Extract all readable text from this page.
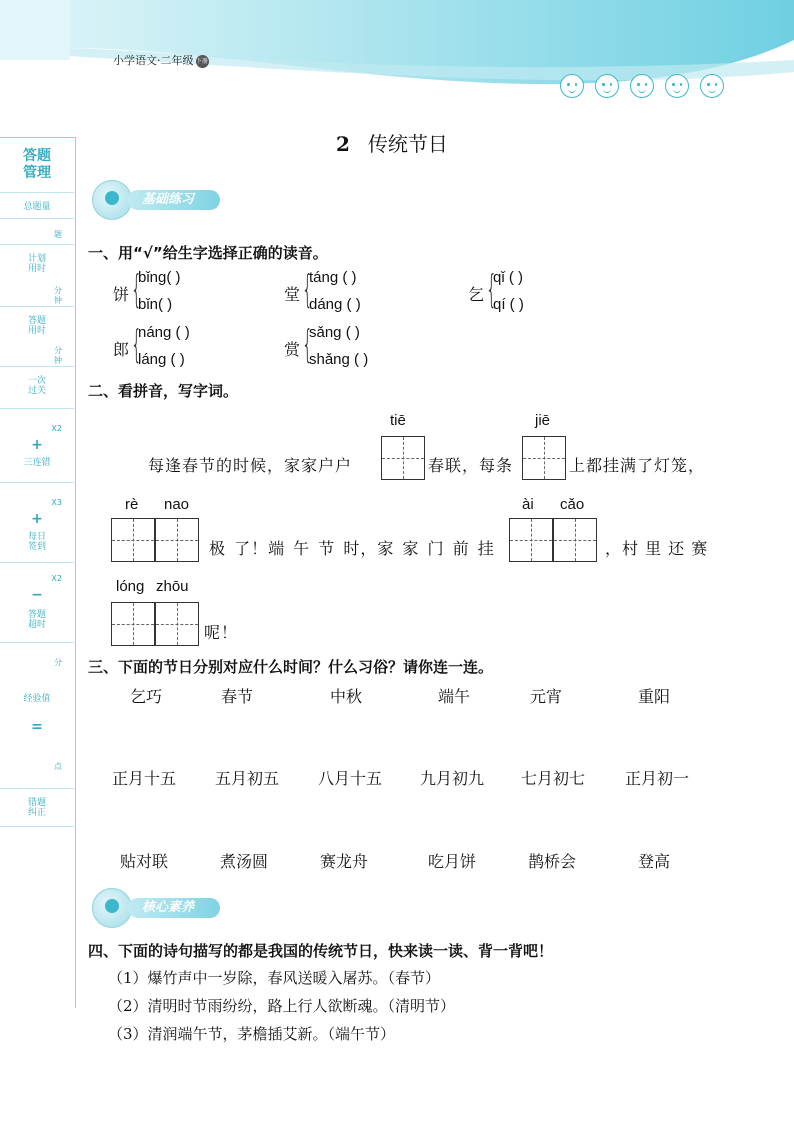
小学语文·二年级 下册
答题管理
总题量
题
计划用时
分钟
答题用时
分钟
一次过关
X2
+
三连错
X3
+
每日签到
X2
−
答题超时
分
经验值
=
点
错题纠正
2 传统节日
基础练习
一、用“√”给生字选择正确的读音。
饼 {
bǐng( )
bǐn( )
堂 {
táng ( )
dáng ( )
乞 {
qǐ ( )
qí ( )
郎 {
náng ( )
láng ( )
赏 {
sǎng ( )
shǎng ( )
二、看拼音，写字词。
tiē	jiē
每逢春节的时候，家家户户	春联，每条	上都挂满了灯笼，
rè nao
极 了！端 午 节 时，家 家 门 前 挂
ài cǎo
，村 里 还 赛
lóng zhōu
呢！
三、下面的节日分别对应什么时间？什么习俗？请你连一连。
乞巧	春节	中秋	端午	元宵	重阳
正月十五 五月初五 八月十五 九月初九 七月初七 正月初一
贴对联	煮汤圆	赛龙舟	吃月饼	鹊桥会	登高
核心素养
四、下面的诗句描写的都是我国的传统节日，快来读一读、背一背吧！
（1）爆竹声中一岁除，春风送暖入屠苏。（春节）
（2）清明时节雨纷纷，路上行人欲断魂。（清明节）
（3）清润端午节，茅檐插艾新。（端午节）
